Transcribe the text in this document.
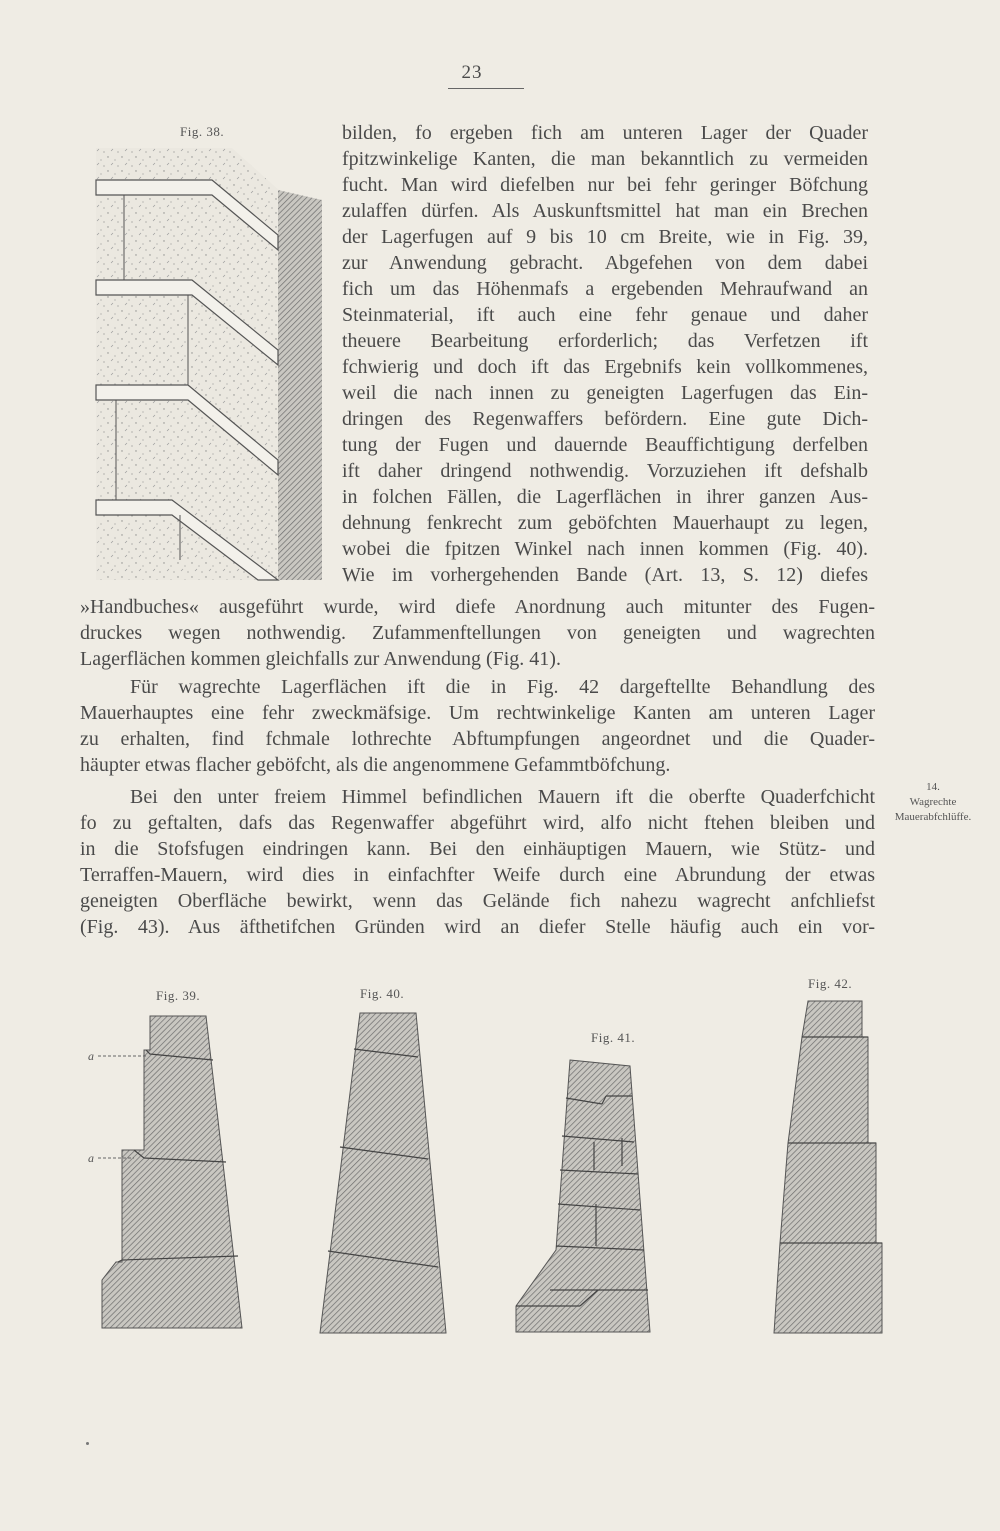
23
Fig. 38.	bilden, fo ergeben fich am unteren Lager der Quader
fpitzwinkelige Kanten, die man bekanntlich zu vermeiden
fucht. Man wird diefelben nur bei fehr geringer Böfchung
zulaffen dürfen. Als Auskunftsmittel hat man ein Brechen
der Lagerfugen auf 9 bis 10 cm Breite, wie in Fig. 39,
zur Anwendung gebracht. Abgefehen von dem dabei
fich um das Höhenmafs a ergebenden Mehraufwand an
Steinmaterial, ift auch eine fehr genaue und daher
theuere Bearbeitung erforderlich; das Verfetzen ift
fchwierig und doch ift das Ergebnifs kein vollkommenes,
weil die nach innen zu geneigten Lagerfugen das Ein-
dringen des Regenwaffers befördern. Eine gute Dich-
tung der Fugen und dauernde Beauffichtigung derfelben
ift daher dringend nothwendig. Vorzuziehen ift defshalb
in folchen Fällen, die Lagerflächen in ihrer ganzen Aus-
dehnung fenkrecht zum geböfchten Mauerhaupt zu legen,
wobei die fpitzen Winkel nach innen kommen (Fig. 40).
Wie im vorhergehenden Bande (Art. 13, S. 12) diefes
»Handbuches« ausgeführt wurde, wird diefe Anordnung auch mitunter des Fugen-
druckes wegen nothwendig. Zufammenftellungen von geneigten und wagrechten
Lagerflächen kommen gleichfalls zur Anwendung (Fig. 41).
Für wagrechte Lagerflächen ift die in Fig. 42 dargeftellte Behandlung des
Mauerhauptes eine fehr zweckmäfsige. Um rechtwinkelige Kanten am unteren Lager
zu erhalten, find fchmale lothrechte Abftumpfungen angeordnet und die Quader-
häupter etwas flacher geböfcht, als die angenommene Gefammtböfchung.
Bei den unter freiem Himmel befindlichen Mauern ift die oberfte Quaderfchicht
fo zu geftalten, dafs das Regenwaffer abgeführt wird, alfo nicht ftehen bleiben und
in die Stofsfugen eindringen kann. Bei den einhäuptigen Mauern, wie Stütz- und
Terraffen-Mauern, wird dies in einfachfter Weife durch eine Abrundung der etwas
geneigten Oberfläche bewirkt, wenn das Gelände fich nahezu wagrecht anfchliefst
(Fig. 43). Aus äfthetifchen Gründen wird an diefer Stelle häufig auch ein vor-
14.
Wagrechte
Mauerabfchlüffe.
Fig. 39.
a
a
Fig. 40.
Fig. 41.
Fig. 42.
